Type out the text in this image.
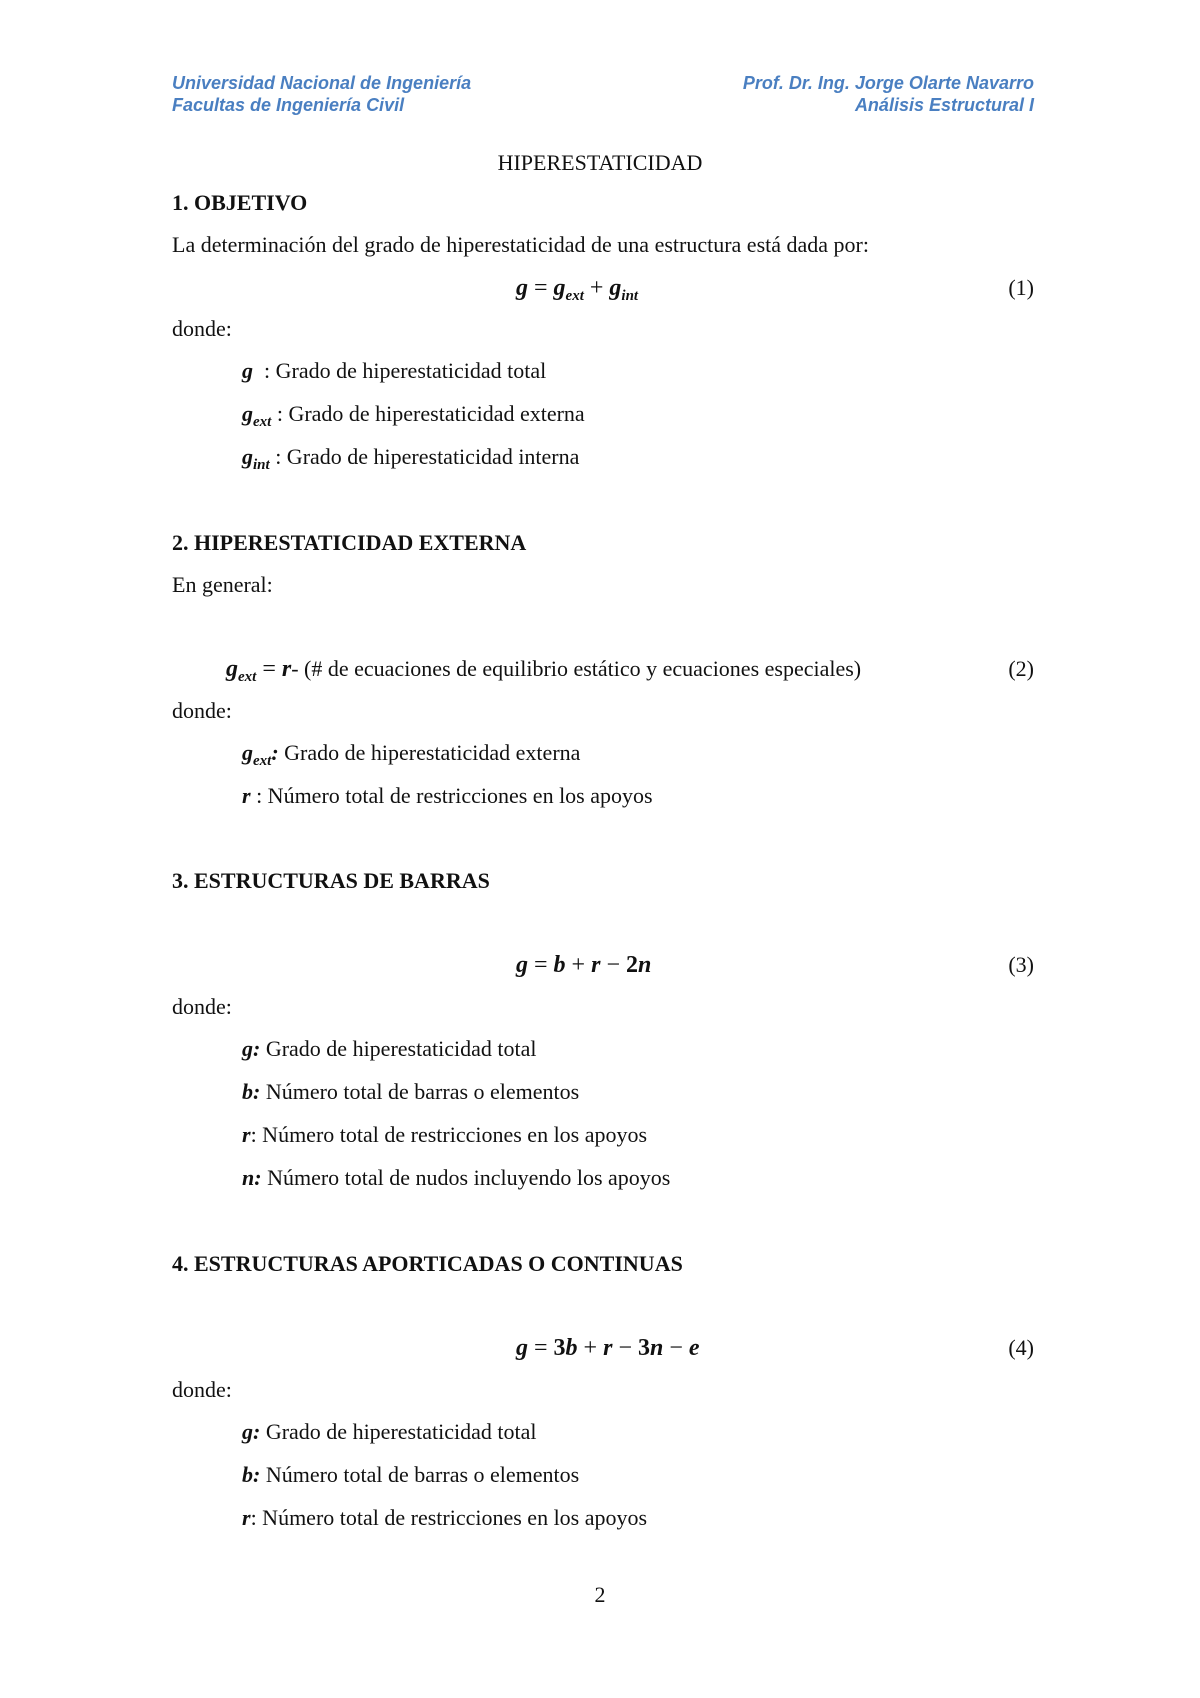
Universidad Nacional de Ingeniería
Facultas de Ingeniería Civil
Prof. Dr. Ing. Jorge Olarte Navarro
Análisis Estructural I
HIPERESTATICIDAD
1. OBJETIVO
La determinación del grado de hiperestaticidad de una estructura está dada por:
$g = g_{ext} + g_{int}$	(1)
donde:
g : Grado de hiperestaticidad total
$g_{ext}$ : Grado de hiperestaticidad externa
$g_{int}$ : Grado de hiperestaticidad interna
2. HIPERESTATICIDAD EXTERNA
En general:
$g_{ext} = r-$ (# de ecuaciones de equilibrio estático y ecuaciones especiales)	(2)
donde:
$g_{ext}$: Grado de hiperestaticidad externa
r : Número total de restricciones en los apoyos
3. ESTRUCTURAS DE BARRAS
g = b + r − 2n	(3)
donde:
g: Grado de hiperestaticidad total
b: Número total de barras o elementos
r: Número total de restricciones en los apoyos
n: Número total de nudos incluyendo los apoyos
4. ESTRUCTURAS APORTICADAS O CONTINUAS
g = 3b + r − 3n − e	(4)
donde:
g: Grado de hiperestaticidad total
b: Número total de barras o elementos
r: Número total de restricciones en los apoyos
2
